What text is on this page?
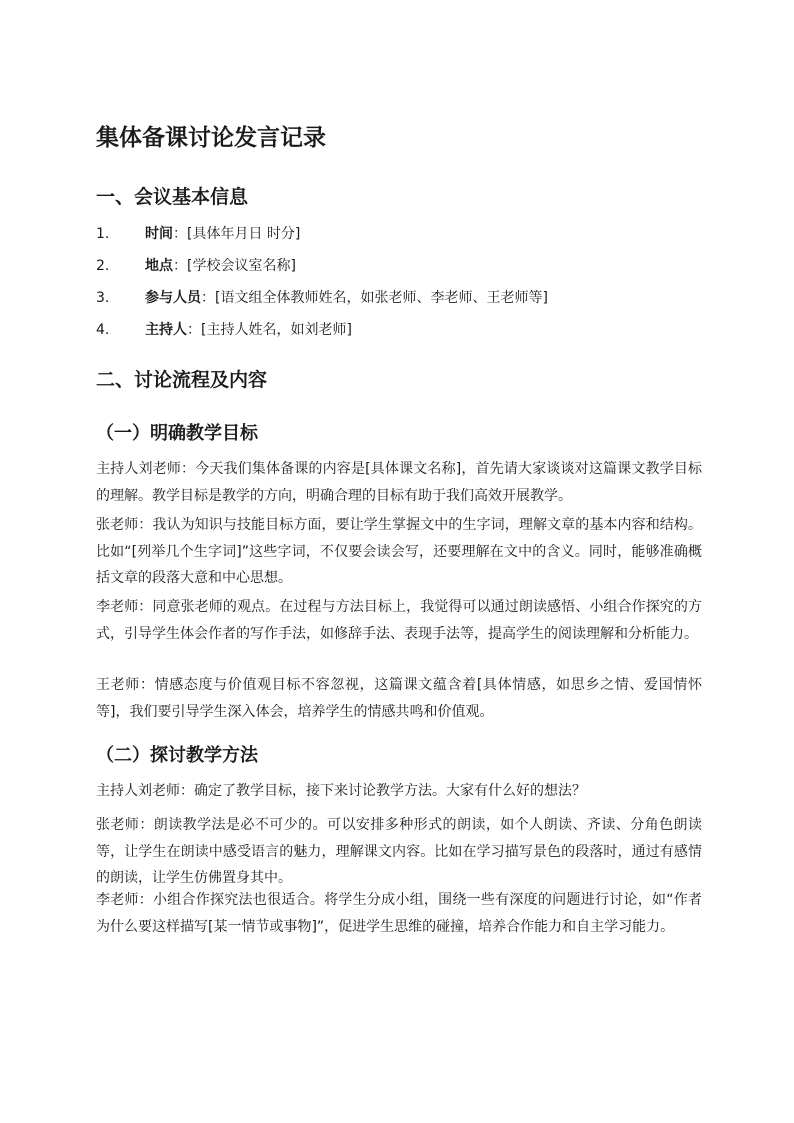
集体备课讨论发言记录
一、会议基本信息
1.	时间：[具体年月日 时分]
2.	地点：[学校会议室名称]
3.	参与人员：[语文组全体教师姓名，如张老师、李老师、王老师等]
4.	主持人：[主持人姓名，如刘老师]
二、讨论流程及内容
（一）明确教学目标

主持人刘老师：今天我们集体备课的内容是[具体课文名称]，首先请大家谈谈对这篇课文教学目标的理解。教学目标是教学的方向，明确合理的目标有助于我们高效开展教学。

张老师：我认为知识与技能目标方面，要让学生掌握文中的生字词，理解文章的基本内容和结构。比如“[列举几个生字词]”这些字词，不仅要会读会写，还要理解在文中的含义。同时，能够准确概括文章的段落大意和中心思想。

李老师：同意张老师的观点。在过程与方法目标上，我觉得可以通过朗读感悟、小组合作探究的方式，引导学生体会作者的写作手法，如修辞手法、表现手法等，提高学生的阅读理解和分析能力。

王老师：情感态度与价值观目标不容忽视，这篇课文蕴含着[具体情感，如思乡之情、爱国情怀等]，我们要引导学生深入体会，培养学生的情感共鸣和价值观。

（二）探讨教学方法

主持人刘老师：确定了教学目标，接下来讨论教学方法。大家有什么好的想法？

张老师：朗读教学法是必不可少的。可以安排多种形式的朗读，如个人朗读、齐读、分角色朗读等，让学生在朗读中感受语言的魅力，理解课文内容。比如在学习描写景色的段落时，通过有感情的朗读，让学生仿佛置身其中。

李老师：小组合作探究法也很适合。将学生分成小组，围绕一些有深度的问题进行讨论，如“作者为什么要这样描写[某一情节或事物]”，促进学生思维的碰撞，培养合作能力和自主学习能力。
